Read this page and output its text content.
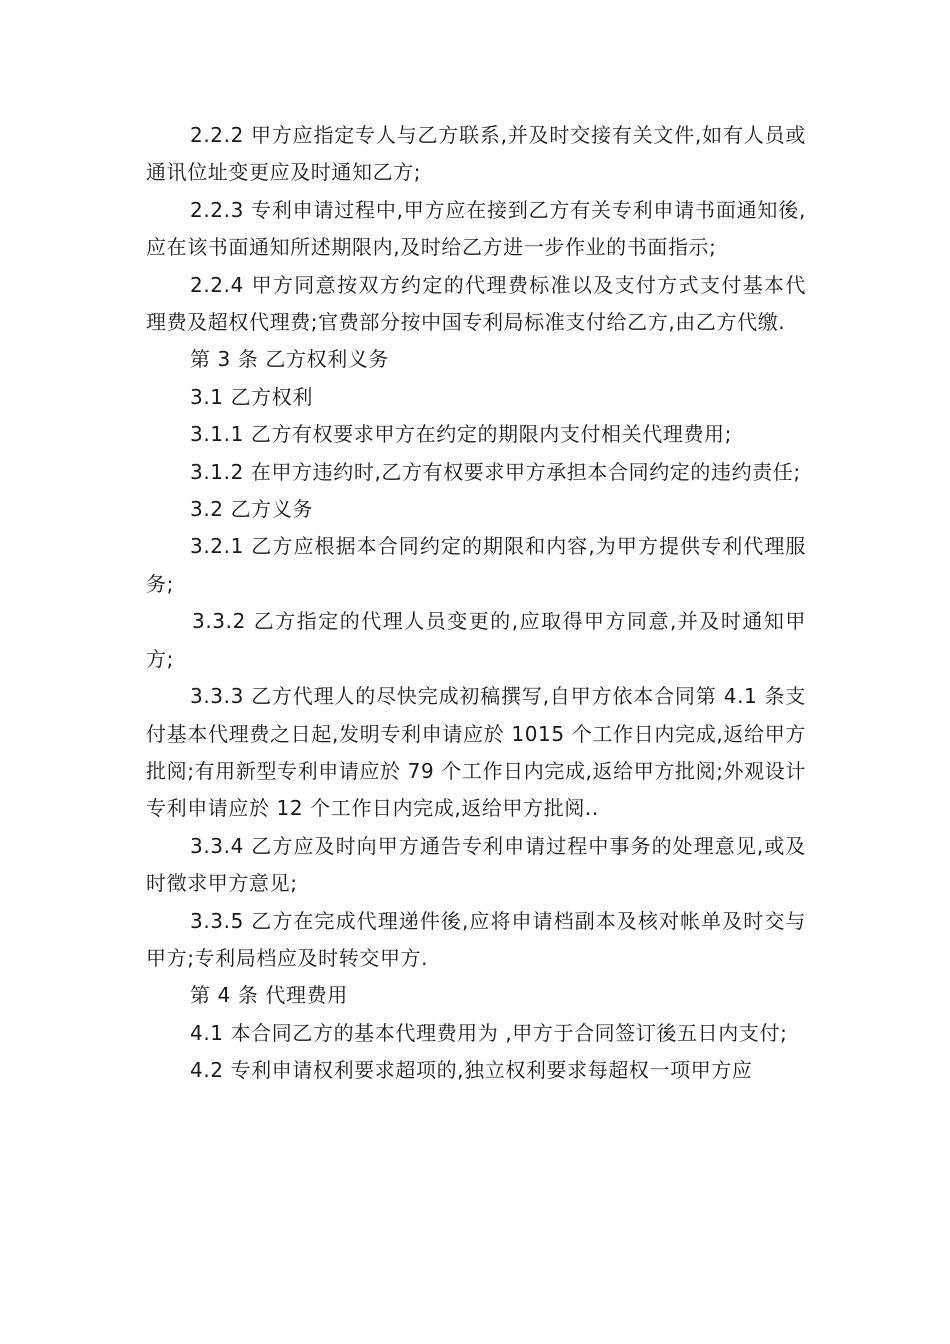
2.2.2 甲方应指定专人与乙方联系,并及时交接有关文件,如有人员或通讯位址变更应及时通知乙方;

2.2.3 专利申请过程中,甲方应在接到乙方有关专利申请书面通知後,应在该书面通知所述期限内,及时给乙方进一步作业的书面指示;

2.2.4 甲方同意按双方约定的代理费标准以及支付方式支付基本代理费及超权代理费;官费部分按中国专利局标准支付给乙方,由乙方代缴.

第 3 条 乙方权利义务

3.1 乙方权利

3.1.1 乙方有权要求甲方在约定的期限内支付相关代理费用;

3.1.2 在甲方违约时,乙方有权要求甲方承担本合同约定的违约责任;

3.2 乙方义务

3.2.1 乙方应根据本合同约定的期限和内容,为甲方提供专利代理服务;

3.3.2 乙方指定的代理人员变更的,应取得甲方同意,并及时通知甲方;

3.3.3 乙方代理人的尽快完成初稿撰写,自甲方依本合同第 4.1 条支付基本代理费之日起,发明专利申请应於 1015 个工作日内完成,返给甲方批阅;有用新型专利申请应於 79 个工作日内完成,返给甲方批阅;外观设计专利申请应於 12 个工作日内完成,返给甲方批阅..

3.3.4 乙方应及时向甲方通告专利申请过程中事务的处理意见,或及时徵求甲方意见;

3.3.5 乙方在完成代理递件後,应将申请档副本及核对帐单及时交与甲方;专利局档应及时转交甲方.

第 4 条 代理费用

4.1 本合同乙方的基本代理费用为 ,甲方于合同签订後五日内支付;

4.2 专利申请权利要求超项的,独立权利要求每超权一项甲方应
